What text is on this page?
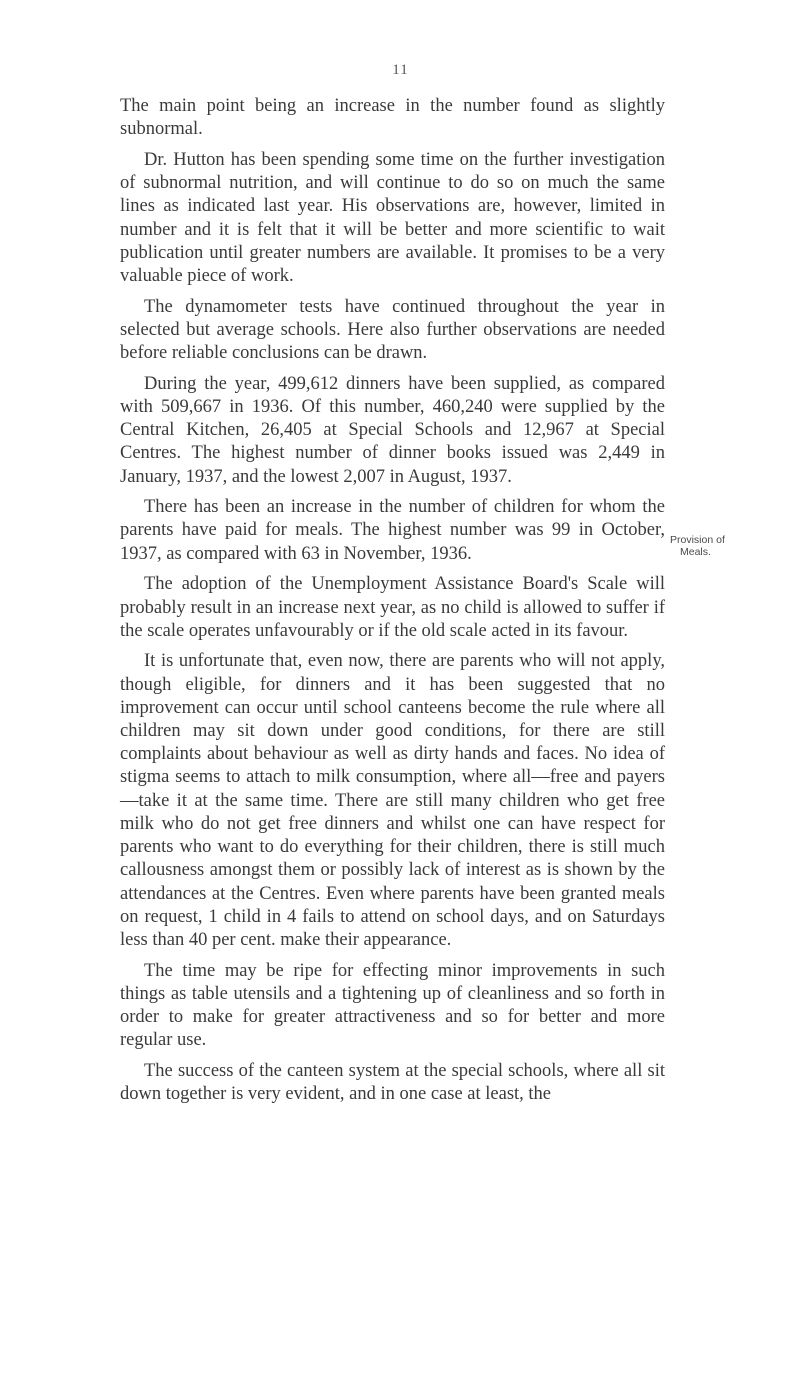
11

The main point being an increase in the number found as slightly subnormal.

Dr. Hutton has been spending some time on the further investigation of subnormal nutrition, and will continue to do so on much the same lines as indicated last year. His observations are, however, limited in number and it is felt that it will be better and more scientific to wait publication until greater numbers are available. It promises to be a very valuable piece of work.

The dynamometer tests have continued throughout the year in selected but average schools. Here also further observations are needed before reliable conclusions can be drawn.

During the year, 499,612 dinners have been supplied, as compared with 509,667 in 1936. Of this number, 460,240 were supplied by the Central Kitchen, 26,405 at Special Schools and 12,967 at Special Centres. The highest number of dinner books issued was 2,449 in January, 1937, and the lowest 2,007 in August, 1937.

There has been an increase in the number of children for whom the parents have paid for meals. The highest number was 99 in October, 1937, as compared with 63 in November, 1936.

The adoption of the Unemployment Assistance Board's Scale will probably result in an increase next year, as no child is allowed to suffer if the scale operates unfavourably or if the old scale acted in its favour.

It is unfortunate that, even now, there are parents who will not apply, though eligible, for dinners and it has been suggested that no improvement can occur until school canteens become the rule where all children may sit down under good conditions, for there are still complaints about behaviour as well as dirty hands and faces. No idea of stigma seems to attach to milk consumption, where all—free and payers—take it at the same time. There are still many children who get free milk who do not get free dinners and whilst one can have respect for parents who want to do everything for their children, there is still much callousness amongst them or possibly lack of interest as is shown by the attendances at the Centres. Even where parents have been granted meals on request, 1 child in 4 fails to attend on school days, and on Saturdays less than 40 per cent. make their appearance.

The time may be ripe for effecting minor improvements in such things as table utensils and a tightening up of cleanliness and so forth in order to make for greater attractiveness and so for better and more regular use.

The success of the canteen system at the special schools, where all sit down together is very evident, and in one case at least, the

Provision of
Meals.
